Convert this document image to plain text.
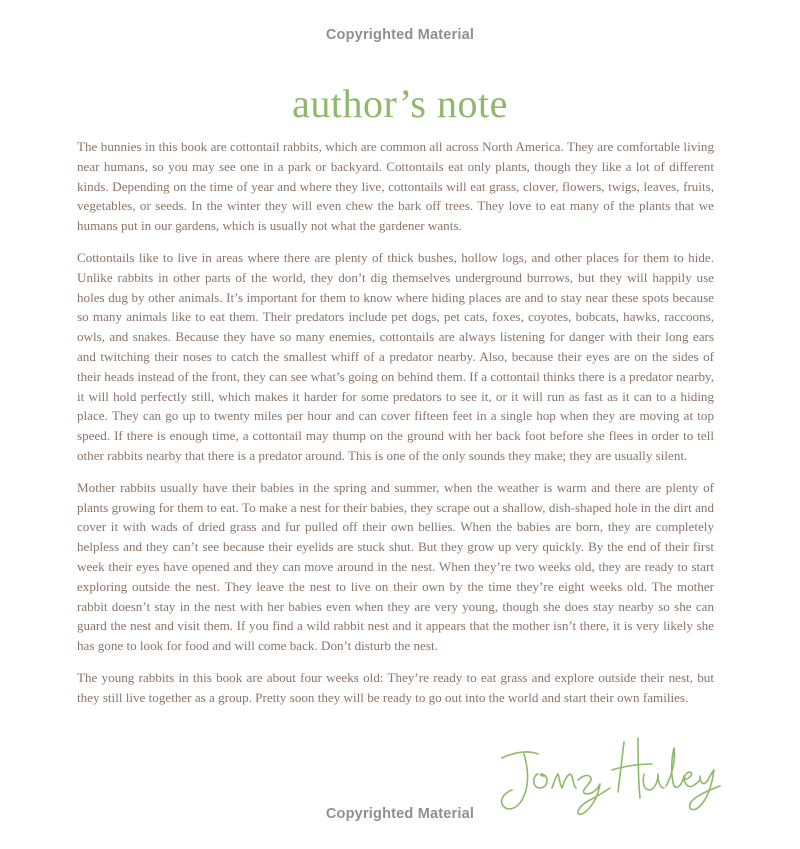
Copyrighted Material
author’s note

The bunnies in this book are cottontail rabbits, which are common all across North America. They are comfortable living near humans, so you may see one in a park or backyard. Cottontails eat only plants, though they like a lot of different kinds. Depending on the time of year and where they live, cottontails will eat grass, clover, flowers, twigs, leaves, fruits, vegetables, or seeds. In the winter they will even chew the bark off trees. They love to eat many of the plants that we humans put in our gardens, which is usually not what the gardener wants.

Cottontails like to live in areas where there are plenty of thick bushes, hollow logs, and other places for them to hide. Unlike rabbits in other parts of the world, they don’t dig themselves underground burrows, but they will happily use holes dug by other animals. It’s important for them to know where hiding places are and to stay near these spots because so many animals like to eat them. Their predators include pet dogs, pet cats, foxes, coyotes, bobcats, hawks, raccoons, owls, and snakes. Because they have so many enemies, cottontails are always listening for danger with their long ears and twitching their noses to catch the smallest whiff of a predator nearby. Also, because their eyes are on the sides of their heads instead of the front, they can see what’s going on behind them. If a cottontail thinks there is a predator nearby, it will hold perfectly still, which makes it harder for some predators to see it, or it will run as fast as it can to a hiding place. They can go up to twenty miles per hour and can cover fifteen feet in a single hop when they are moving at top speed. If there is enough time, a cottontail may thump on the ground with her back foot before she flees in order to tell other rabbits nearby that there is a predator around. This is one of the only sounds they make; they are usually silent.

Mother rabbits usually have their babies in the spring and summer, when the weather is warm and there are plenty of plants growing for them to eat. To make a nest for their babies, they scrape out a shallow, dish-shaped hole in the dirt and cover it with wads of dried grass and fur pulled off their own bellies. When the babies are born, they are completely helpless and they can’t see because their eyelids are stuck shut. But they grow up very quickly. By the end of their first week their eyes have opened and they can move around in the nest. When they’re two weeks old, they are ready to start exploring outside the nest. They leave the nest to live on their own by the time they’re eight weeks old. The mother rabbit doesn’t stay in the nest with her babies even when they are very young, though she does stay nearby so she can guard the nest and visit them. If you find a wild rabbit nest and it appears that the mother isn’t there, it is very likely she has gone to look for food and will come back. Don’t disturb the nest.

The young rabbits in this book are about four weeks old: They’re ready to eat grass and explore outside their nest, but they still live together as a group. Pretty soon they will be ready to go out into the world and start their own families.

Copyrighted Material
